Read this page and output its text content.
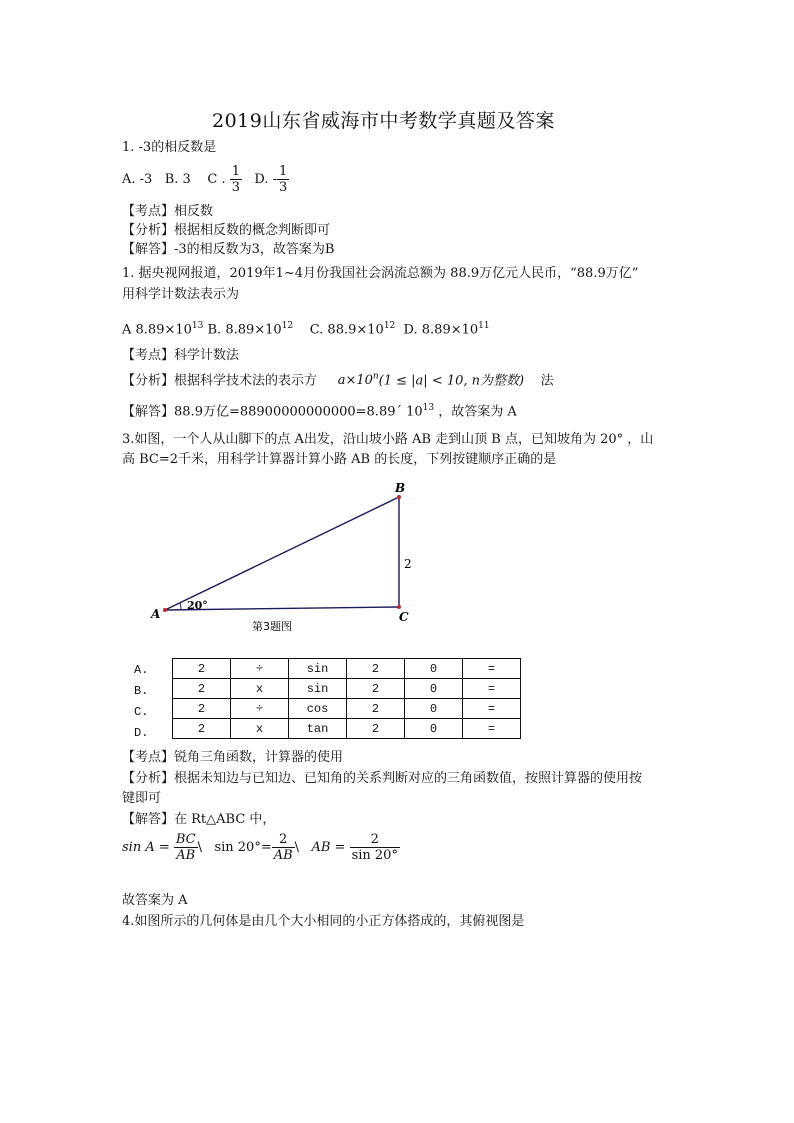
2019山东省威海市中考数学真题及答案
1. -3的相反数是
A. -3 B. 3 C . $\frac{1}{3} D$. - $\frac{1}{3}$
【考点】相反数
【分析】根据相反数的概念判断即可
【解答】-3的相反数为3，故答案为B
1. 据央视网报道，2019年1~4月份我国社会涡流总额为 88.9万亿元人民币，“88.9万亿”
用科学计数法表示为
A $8.89\times 10^{13}$ B. $8.89\times 10^{12}$ C. $88.9\times 10^{12}$ D. $8.89\times 10^{11}$
【考点】科学计数法
【分析】根据科学技术法的表示方 $a\times 10^n(1 \le |a| < 10$, n为整数) 法
【解答】88.9万亿=88900000000000=8.89´ $10^{13}$ ，故答案为 A
3.如图，一个人从山脚下的点 A出发，沿山坡小路 AB 走到山顶 B 点，已知坡角为 20° ，山
高 BC=2千米，用科学计算器计算小路 AB 的长度，下列按键顺序正确的是
A
B
C
2
20°
第3题图
A.
B.
C.
D.
2	÷	sin	2	0	=
2	x	sin	2	0	=
2	÷	cos	2	0	=
2	x	tan	2	0	=
【考点】锐角三角函数，计算器的使用
【分析】根据未知边与已知边、已知角的关系判断对应的三角函数值，按照计算器的使用按
键即可
【解答】在 Rt△ABC 中，
$\sin A = \frac{BC}{AB}$ \ $\sin 20^\circ= \frac{2}{AB}$ \ AB = $\frac{2}{\sin 20^\circ}$
故答案为 A
4.如图所示的几何体是由几个大小相同的小正方体搭成的，其俯视图是
